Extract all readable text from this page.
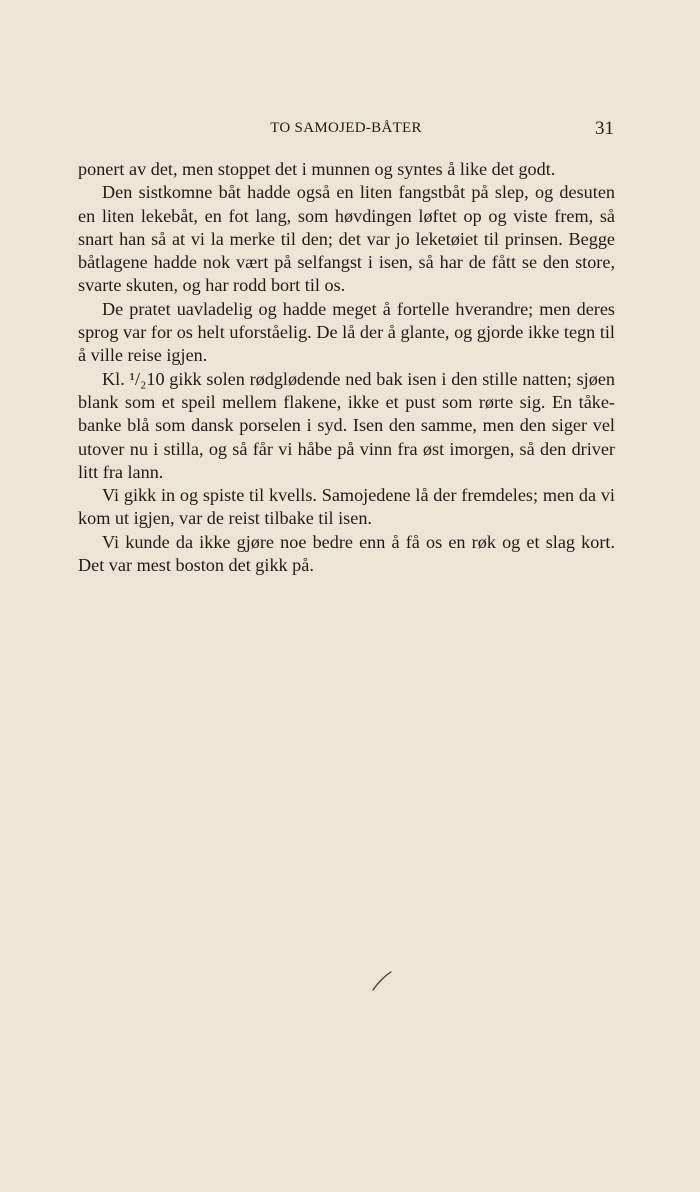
TO SAMOJED-BÅTER	31

ponert av det, men stoppet det i munnen og syntes å like det godt.

Den sistkomne båt hadde også en liten fangstbåt på slep, og desuten en liten lekebåt, en fot lang, som høvdingen løftet op og viste frem, så snart han så at vi la merke til den; det var jo leketøiet til prinsen. Begge båtlagene hadde nok vært på selfangst i isen, så har de fått se den store, svarte skuten, og har rodd bort til os.

De pratet uavladelig og hadde meget å fortelle hverandre; men deres sprog var for os helt uforståelig. De lå der å glante, og gjorde ikke tegn til å ville reise igjen.

Kl. ¹/₂10 gikk solen rødglødende ned bak isen i den stille natten; sjøen blank som et speil mellem flakene, ikke et pust som rørte sig. En tåke-banke blå som dansk porselen i syd. Isen den samme, men den siger vel utover nu i stilla, og så får vi håbe på vinn fra øst imorgen, så den driver litt fra lann.

Vi gikk in og spiste til kvells. Samojedene lå der fremdeles; men da vi kom ut igjen, var de reist tilbake til isen.

Vi kunde da ikke gjøre noe bedre enn å få os en røk og et slag kort. Det var mest boston det gikk på.
